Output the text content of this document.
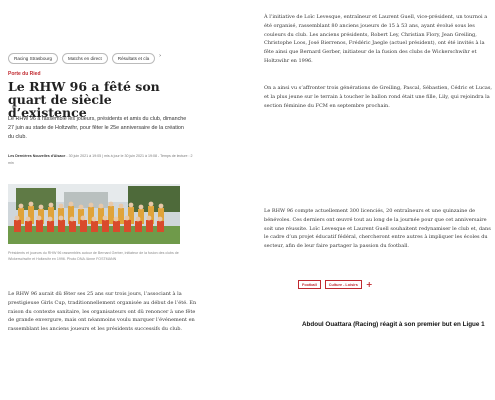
Racing Strasbourg	Matchs en direct	Résultats et cla	›
Porte du Ried
Le RHW 96 a fêté son quart de siècle d’existence

Le RHW 96 a rassemblé les joueurs, présidents et amis du club, dimanche 27 juin au stade de Holtzwihr, pour fêter le 25e anniversaire de la création du club.

Les Dernières Nouvelles d'Alsace - 30 juin 2021 à 19:05 | mis à jour le 30 juin 2021 à 19:08 - Temps de lecture : 2 min

Présidents et joueurs du RHW 96 rassemblés autour de Bernard Gerber, initiateur de la fusion des clubs de Wickerschwihr et Holtzwihr en 1996. Photo DNA /Anne FOSTMANN

Le RHW 96 aurait dû fêter ses 25 ans sur trois jours, l’associant à la prestigieuse Girls Cup, traditionnellement organisée au début de l’été. En raison du contexte sanitaire, les organisateurs ont dû renoncer à une fête de grande envergure, mais ont néanmoins voulu marquer l’événement en rassemblant les anciens joueurs et les présidents successifs du club.

À l’initiative de Loïc Levesque, entraîneur et Laurent Guell, vice-président, un tournoi a été organisé, rassemblant 80 anciens joueurs de 15 à 53 ans, ayant évolué sous les couleurs du club. Les anciens présidents, Robert Ley, Christian Flory, Jean Greiling, Christophe Loos, José Bierrenos, Frédéric Jaegle (actuel président), ont été invités à la fête ainsi que Bernard Gerber, initiateur de la fusion des clubs de Wickerschwihr et Holtzwihr en 1996.

On a ainsi vu s’affronter trois générations de Greiling, Pascal, Sébastien, Cédric et Lucas, et la plus jeune sur le terrain à toucher le ballon rond était une fille, Lily, qui rejoindra la section féminine du FCM en septembre prochain.

Le RHW 96 compte actuellement 300 licenciés, 20 entraîneurs et une quinzaine de bénévoles. Ces derniers ont œuvré tout au long de la journée pour que cet anniversaire soit une réussite. Loïc Levesque et Laurent Guell souhaitent redynamiser le club et, dans le cadre d’un projet éducatif fédéral, chercheront entre autres à impliquer les écoles du secteur, afin de leur faire partager la passion du football.

Football	Culture - Loisirs	+
Abdoul Ouattara (Racing) réagit à son premier but en Ligue 1
